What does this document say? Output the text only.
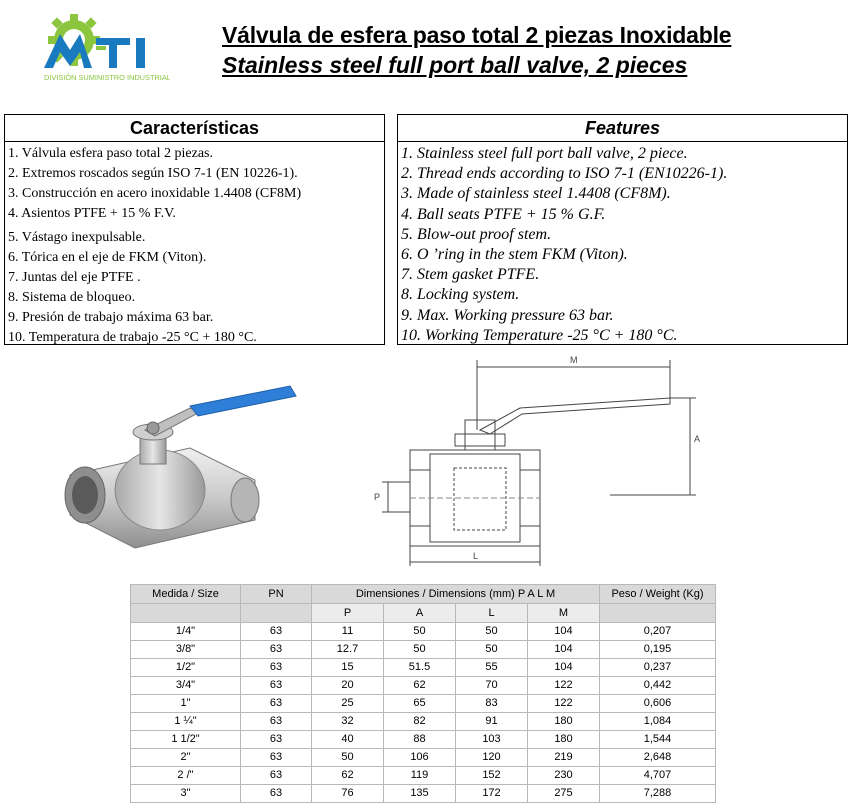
DIVISIÓN SUMINISTRO INDUSTRIAL
Válvula de esfera paso total 2 piezas Inoxidable
Stainless steel full port ball valve, 2 pieces
Características
1. Válvula esfera paso total 2 piezas.
2. Extremos roscados según ISO 7-1 (EN 10226-1).
3. Construcción en acero inoxidable 1.4408 (CF8M)
4. Asientos PTFE + 15 % F.V.
5. Vástago inexpulsable.
6. Tórica en el eje de FKM (Viton).
7. Juntas del eje PTFE .
8. Sistema de bloqueo.
9. Presión de trabajo máxima 63 bar.
10. Temperatura de trabajo -25 °C + 180 °C.
Features
1. Stainless steel full port ball valve, 2 piece.
2. Thread ends according to ISO 7-1 (EN10226-1).
3. Made of stainless steel 1.4408 (CF8M).
4. Ball seats PTFE + 15 % G.F.
5. Blow-out proof stem.
6. O ’ring in the stem FKM (Viton).
7. Stem gasket PTFE.
8. Locking system.
9. Max. Working pressure 63 bar.
10. Working Temperature -25 °C + 180 °C.
M
A
P
L
Medida / Size	PN	Dimensiones / Dimensions (mm) P A L M				Peso / Weight (Kg)
		P	A	L	M	
1/4"	63	11	50	50	104	0,207
3/8"	63	12.7	50	50	104	0,195
1/2"	63	15	51.5	55	104	0,237
3/4"	63	20	62	70	122	0,442
1"	63	25	65	83	122	0,606
1 ¼"	63	32	82	91	180	1,084
1 1/2"	63	40	88	103	180	1,544
2"	63	50	106	120	219	2,648
2 /"	63	62	119	152	230	4,707
3"	63	76	135	172	275	7,288
